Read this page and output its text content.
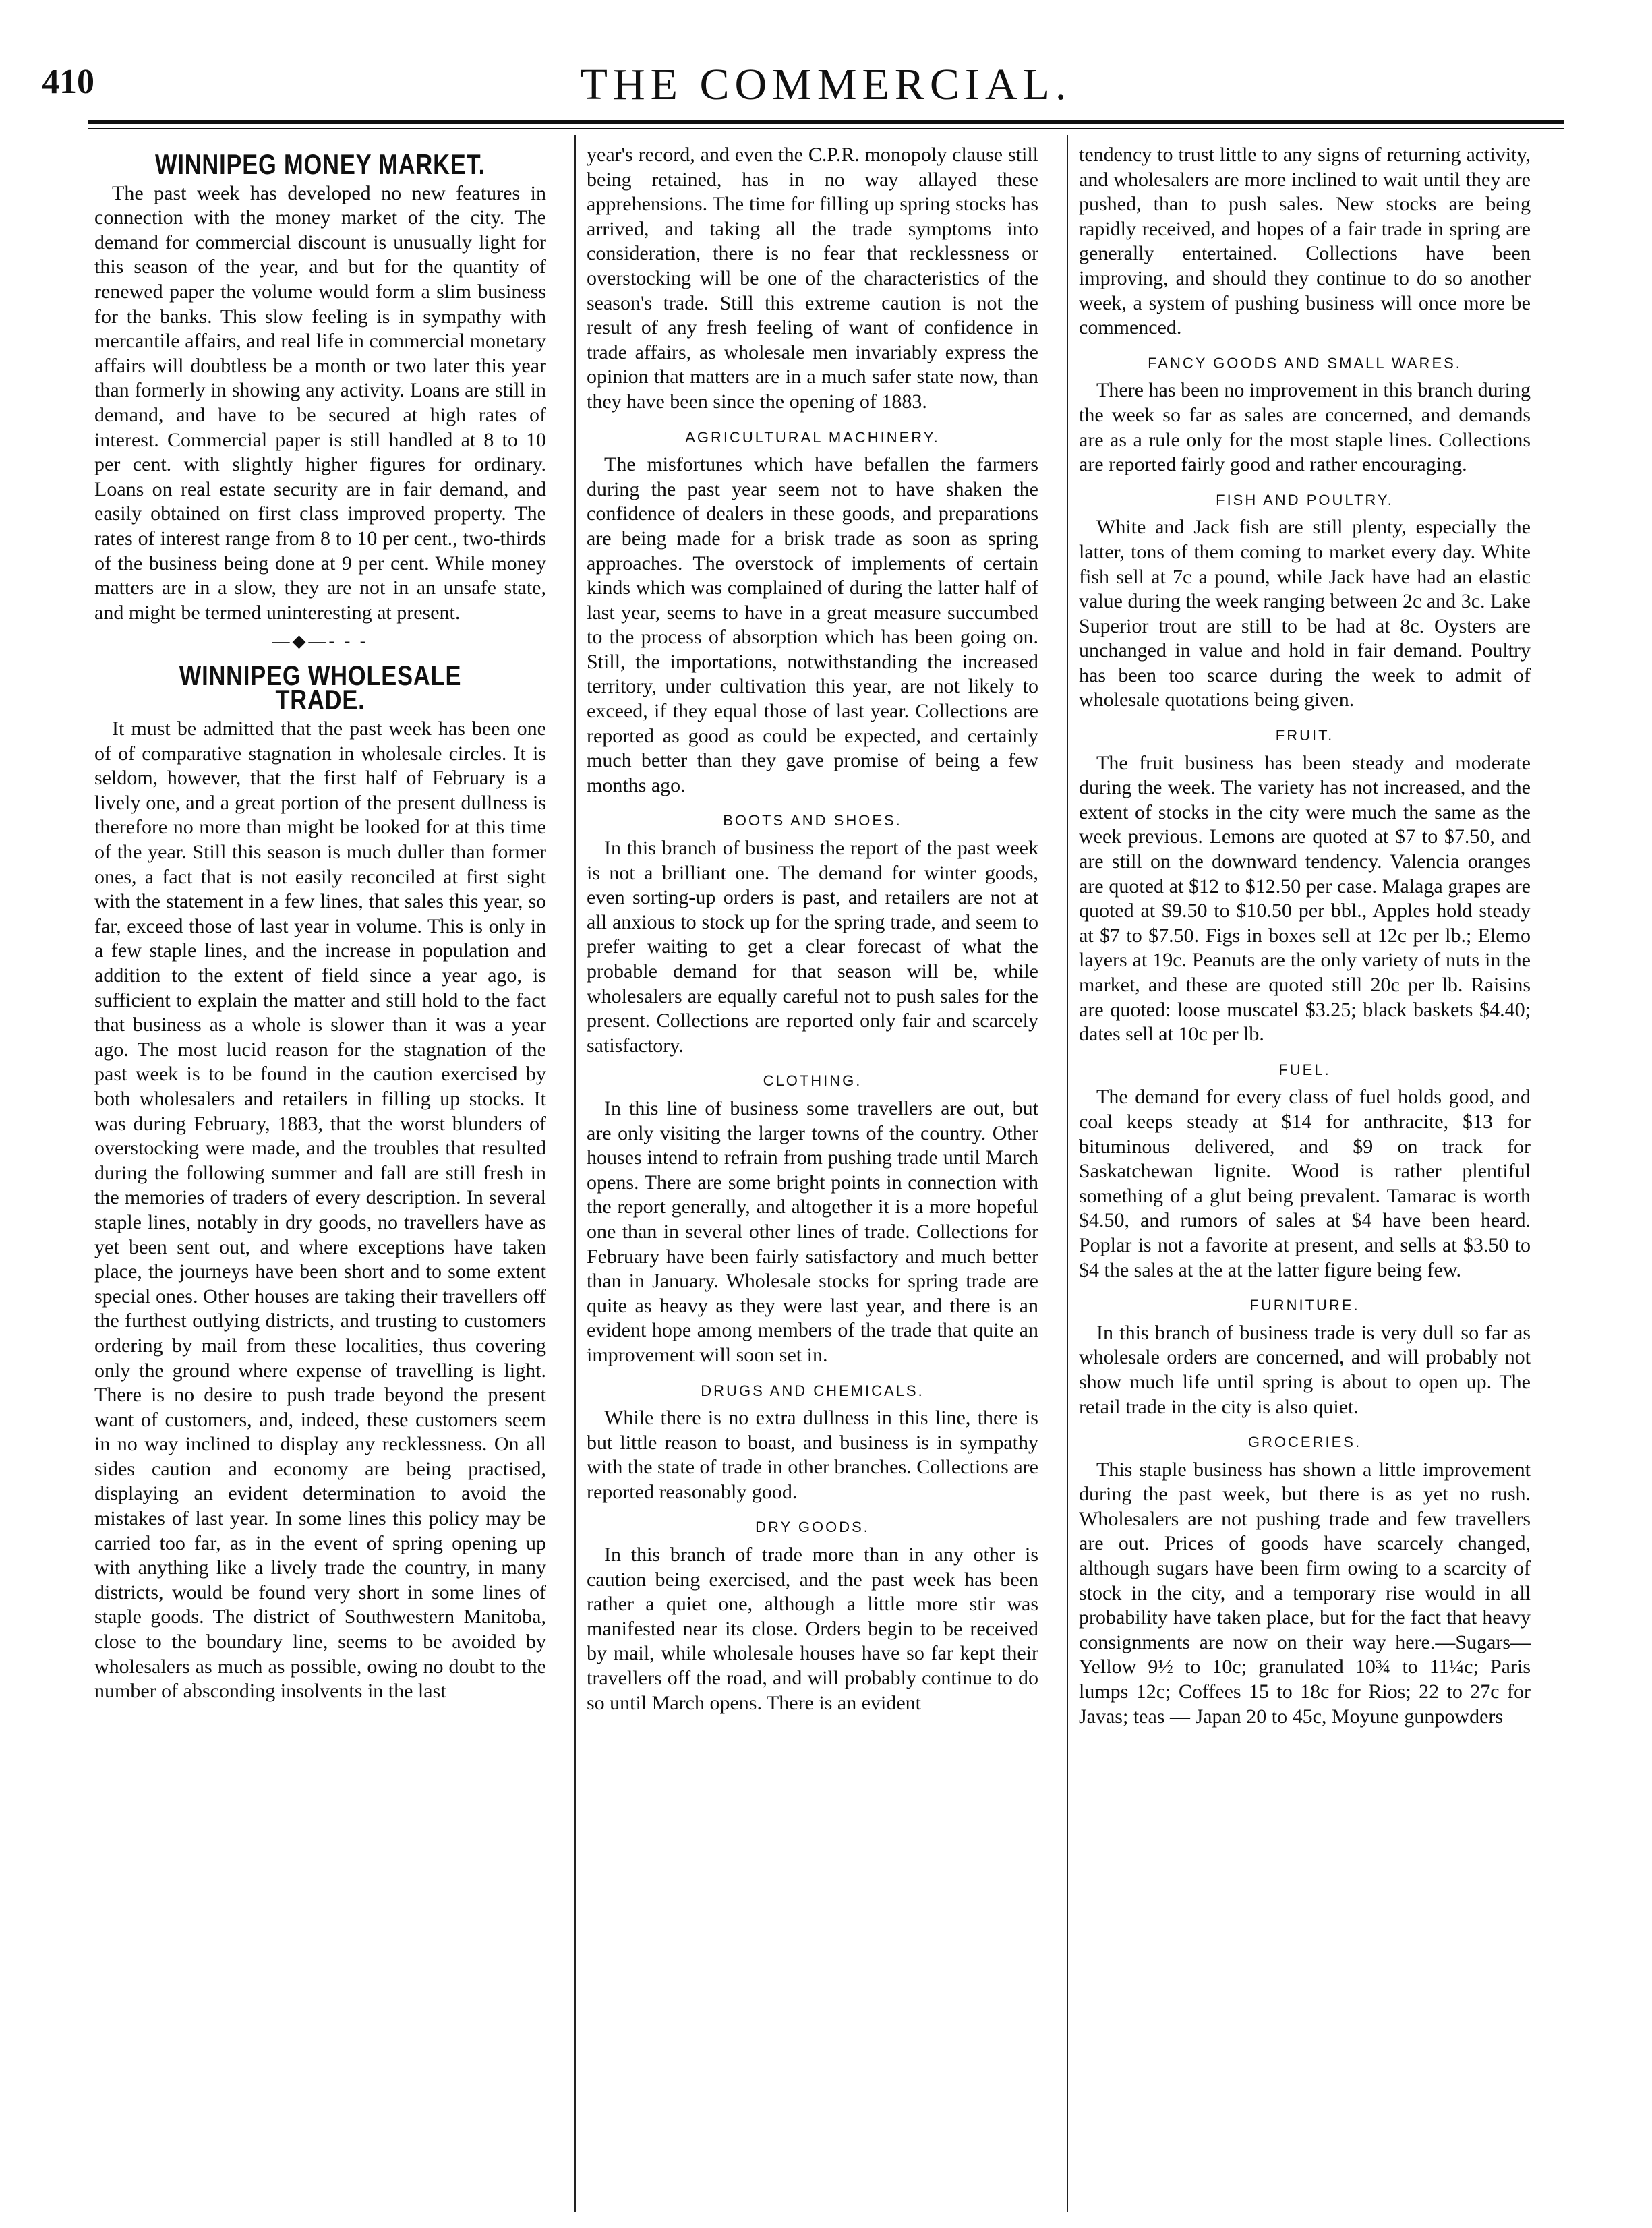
410	THE COMMERCIAL.
WINNIPEG MONEY MARKET.

The past week has developed no new features in connection with the money market of the city. The demand for commercial discount is unusually light for this season of the year, and but for the quantity of renewed paper the volume would form a slim business for the banks. This slow feeling is in sympathy with mercantile affairs, and real life in commercial monetary affairs will doubtless be a month or two later this year than formerly in showing any activity. Loans are still in demand, and have to be secured at high rates of interest. Commercial paper is still handled at 8 to 10 per cent. with slightly higher figures for ordinary. Loans on real estate security are in fair demand, and easily obtained on first class improved property. The rates of interest range from 8 to 10 per cent., two-thirds of the business being done at 9 per cent. While money matters are in a slow, they are not in an unsafe state, and might be termed uninteresting at present.

—◆—- - -
WINNIPEG WHOLESALE TRADE.

It must be admitted that the past week has been one of of comparative stagnation in wholesale circles. It is seldom, however, that the first half of February is a lively one, and a great portion of the present dullness is therefore no more than might be looked for at this time of the year. Still this season is much duller than former ones, a fact that is not easily reconciled at first sight with the statement in a few lines, that sales this year, so far, exceed those of last year in volume. This is only in a few staple lines, and the increase in population and addition to the extent of field since a year ago, is sufficient to explain the matter and still hold to the fact that business as a whole is slower than it was a year ago. The most lucid reason for the stagnation of the past week is to be found in the caution exercised by both wholesalers and retailers in filling up stocks. It was during February, 1883, that the worst blunders of overstocking were made, and the troubles that resulted during the following summer and fall are still fresh in the memories of traders of every description. In several staple lines, notably in dry goods, no travellers have as yet been sent out, and where exceptions have taken place, the journeys have been short and to some extent special ones. Other houses are taking their travellers off the furthest outlying districts, and trusting to customers ordering by mail from these localities, thus covering only the ground where expense of travelling is light. There is no desire to push trade beyond the present want of customers, and, indeed, these customers seem in no way inclined to display any recklessness. On all sides caution and economy are being practised, displaying an evident determination to avoid the mistakes of last year. In some lines this policy may be carried too far, as in the event of spring opening up with anything like a lively trade the country, in many districts, would be found very short in some lines of staple goods. The district of Southwestern Manitoba, close to the boundary line, seems to be avoided by wholesalers as much as possible, owing no doubt to the number of absconding insolvents in the last

year's record, and even the C.P.R. monopoly clause still being retained, has in no way allayed these apprehensions. The time for filling up spring stocks has arrived, and taking all the trade symptoms into consideration, there is no fear that recklessness or overstocking will be one of the characteristics of the season's trade. Still this extreme caution is not the result of any fresh feeling of want of confidence in trade affairs, as wholesale men invariably express the opinion that matters are in a much safer state now, than they have been since the opening of 1883.

AGRICULTURAL MACHINERY.

The misfortunes which have befallen the farmers during the past year seem not to have shaken the confidence of dealers in these goods, and preparations are being made for a brisk trade as soon as spring approaches. The overstock of implements of certain kinds which was complained of during the latter half of last year, seems to have in a great measure succumbed to the process of absorption which has been going on. Still, the importations, notwithstanding the increased territory, under cultivation this year, are not likely to exceed, if they equal those of last year. Collections are reported as good as could be expected, and certainly much better than they gave promise of being a few months ago.

BOOTS AND SHOES.

In this branch of business the report of the past week is not a brilliant one. The demand for winter goods, even sorting-up orders is past, and retailers are not at all anxious to stock up for the spring trade, and seem to prefer waiting to get a clear forecast of what the probable demand for that season will be, while wholesalers are equally careful not to push sales for the present. Collections are reported only fair and scarcely satisfactory.

CLOTHING.

In this line of business some travellers are out, but are only visiting the larger towns of the country. Other houses intend to refrain from pushing trade until March opens. There are some bright points in connection with the report generally, and altogether it is a more hopeful one than in several other lines of trade. Collections for February have been fairly satisfactory and much better than in January. Wholesale stocks for spring trade are quite as heavy as they were last year, and there is an evident hope among members of the trade that quite an improvement will soon set in.

DRUGS AND CHEMICALS.

While there is no extra dullness in this line, there is but little reason to boast, and business is in sympathy with the state of trade in other branches. Collections are reported reasonably good.

DRY GOODS.

In this branch of trade more than in any other is caution being exercised, and the past week has been rather a quiet one, although a little more stir was manifested near its close. Orders begin to be received by mail, while wholesale houses have so far kept their travellers off the road, and will probably continue to do so until March opens. There is an evident

tendency to trust little to any signs of returning activity, and wholesalers are more inclined to wait until they are pushed, than to push sales. New stocks are being rapidly received, and hopes of a fair trade in spring are generally entertained. Collections have been improving, and should they continue to do so another week, a system of pushing business will once more be commenced.

FANCY GOODS AND SMALL WARES.

There has been no improvement in this branch during the week so far as sales are concerned, and demands are as a rule only for the most staple lines. Collections are reported fairly good and rather encouraging.

FISH AND POULTRY.

White and Jack fish are still plenty, especially the latter, tons of them coming to market every day. White fish sell at 7c a pound, while Jack have had an elastic value during the week ranging between 2c and 3c. Lake Superior trout are still to be had at 8c. Oysters are unchanged in value and hold in fair demand. Poultry has been too scarce during the week to admit of wholesale quotations being given.

FRUIT.

The fruit business has been steady and moderate during the week. The variety has not increased, and the extent of stocks in the city were much the same as the week previous. Lemons are quoted at $7 to $7.50, and are still on the downward tendency. Valencia oranges are quoted at $12 to $12.50 per case. Malaga grapes are quoted at $9.50 to $10.50 per bbl., Apples hold steady at $7 to $7.50. Figs in boxes sell at 12c per lb.; Elemo layers at 19c. Peanuts are the only variety of nuts in the market, and these are quoted still 20c per lb. Raisins are quoted: loose muscatel $3.25; black baskets $4.40; dates sell at 10c per lb.

FUEL.

The demand for every class of fuel holds good, and coal keeps steady at $14 for anthracite, $13 for bituminous delivered, and $9 on track for Saskatchewan lignite. Wood is rather plentiful something of a glut being prevalent. Tamarac is worth $4.50, and rumors of sales at $4 have been heard. Poplar is not a favorite at present, and sells at $3.50 to $4 the sales at the at the latter figure being few.

FURNITURE.

In this branch of business trade is very dull so far as wholesale orders are concerned, and will probably not show much life until spring is about to open up. The retail trade in the city is also quiet.

GROCERIES.

This staple business has shown a little improvement during the past week, but there is as yet no rush. Wholesalers are not pushing trade and few travellers are out. Prices of goods have scarcely changed, although sugars have been firm owing to a scarcity of stock in the city, and a temporary rise would in all probability have taken place, but for the fact that heavy consignments are now on their way here.—Sugars—Yellow 9½ to 10c; granulated 10¾ to 11¼c; Paris lumps 12c; Coffees 15 to 18c for Rios; 22 to 27c for Javas; teas — Japan 20 to 45c, Moyune gunpowders
